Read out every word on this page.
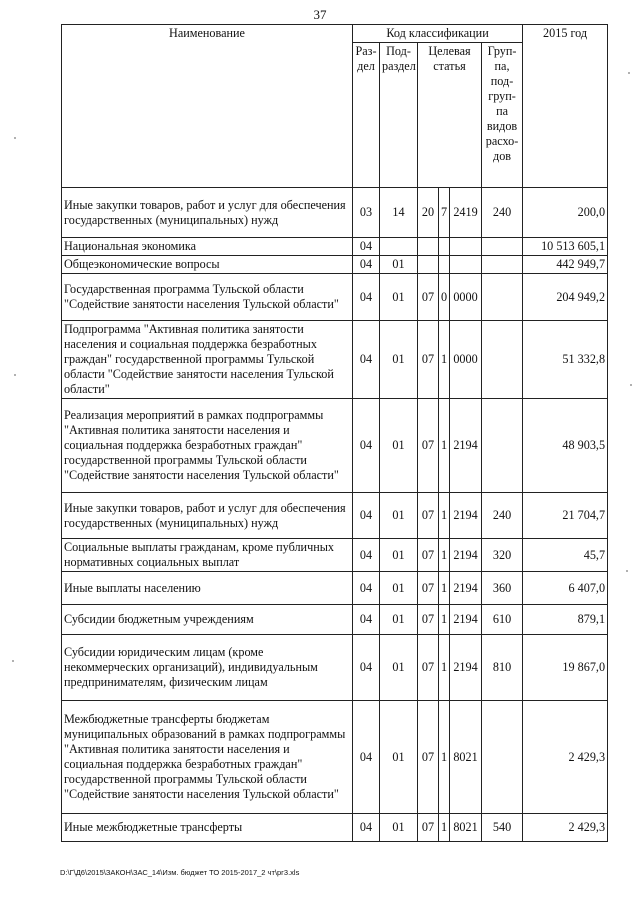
37
Наименование	Код классификации						2015 год
	Раз-дел	Под-раздел	Целевая статья			Груп-па, под-груп-па видов расхо-дов	
Иные закупки товаров, работ и услуг для обеспечения государственных (муниципальных) нужд	03	14	20	7	2419	240	200,0
Национальная экономика	04						10 513 605,1
Общеэкономические вопросы	04	01					442 949,7
Государственная программа Тульской области "Содействие занятости населения Тульской области"	04	01	07	0	0000		204 949,2
Подпрограмма "Активная политика занятости населения и социальная поддержка безработных граждан" государственной программы Тульской области "Содействие занятости населения Тульской области"	04	01	07	1	0000		51 332,8
Реализация мероприятий в рамках подпрограммы "Активная политика занятости населения и социальная поддержка безработных граждан" государственной программы Тульской области "Содействие занятости населения Тульской области"	04	01	07	1	2194		48 903,5
Иные закупки товаров, работ и услуг для обеспечения государственных (муниципальных) нужд	04	01	07	1	2194	240	21 704,7
Социальные выплаты гражданам, кроме публичных нормативных социальных выплат	04	01	07	1	2194	320	45,7
Иные выплаты населению	04	01	07	1	2194	360	6 407,0
Субсидии бюджетным учреждениям	04	01	07	1	2194	610	879,1
Субсидии юридическим лицам (кроме некоммерческих организаций), индивидуальным предпринимателям, физическим лицам	04	01	07	1	2194	810	19 867,0
Межбюджетные трансферты бюджетам муниципальных образований в рамках подпрограммы "Активная политика занятости населения и социальная поддержка безработных граждан" государственной программы Тульской области "Содействие занятости населения Тульской области"	04	01	07	1	8021		2 429,3
Иные межбюджетные трансферты	04	01	07	1	8021	540	2 429,3
D:\Г\Д6\2015\ЗАКОН\ЗАС_14\Изм. бюджет ТО 2015-2017_2 чт\рг3.xls
